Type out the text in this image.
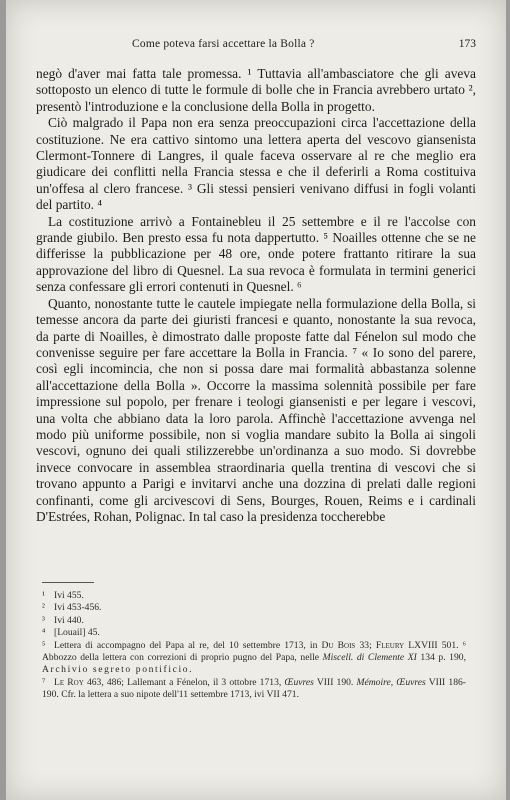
Come poteva farsi accettare la Bolla ?	173

negò d'aver mai fatta tale promessa. ¹ Tuttavia all'ambasciatore che gli aveva sottoposto un elenco di tutte le formule di bolle che in Francia avrebbero urtato ², presentò l'introduzione e la conclusione della Bolla in progetto.

Ciò malgrado il Papa non era senza preoccupazioni circa l'accettazione della costituzione. Ne era cattivo sintomo una lettera aperta del vescovo giansenista Clermont-Tonnere di Langres, il quale faceva osservare al re che meglio era giudicare dei conflitti nella Francia stessa e che il deferirli a Roma costituiva un'offesa al clero francese. ³ Gli stessi pensieri venivano diffusi in fogli volanti del partito. ⁴

La costituzione arrivò a Fontainebleu il 25 settembre e il re l'accolse con grande giubilo. Ben presto essa fu nota dappertutto. ⁵ Noailles ottenne che se ne differisse la pubblicazione per 48 ore, onde potere frattanto ritirare la sua approvazione del libro di Quesnel. La sua revoca è formulata in termini generici senza confessare gli errori contenuti in Quesnel. ⁶

Quanto, nonostante tutte le cautele impiegate nella formulazione della Bolla, si temesse ancora da parte dei giuristi francesi e quanto, nonostante la sua revoca, da parte di Noailles, è dimostrato dalle proposte fatte dal Fénelon sul modo che convenisse seguire per fare accettare la Bolla in Francia. ⁷ « Io sono del parere, così egli incomincia, che non si possa dare mai formalità abbastanza solenne all'accettazione della Bolla ». Occorre la massima solennità possibile per fare impressione sul popolo, per frenare i teologi giansenisti e per legare i vescovi, una volta che abbiano data la loro parola. Affinchè l'accettazione avvenga nel modo più uniforme possibile, non si voglia mandare subito la Bolla ai singoli vescovi, ognuno dei quali stilizzerebbe un'ordinanza a suo modo. Si dovrebbe invece convocare in assemblea straordinaria quella trentina di vescovi che si trovano appunto a Parigi e invitarvi anche una dozzina di prelati dalle regioni confinanti, come gli arcivescovi di Sens, Bourges, Rouen, Reims e i cardinali D'Estrées, Rohan, Polignac. In tal caso la presidenza toccherebbe

¹ Ivi 455.

² Ivi 453-456.

³ Ivi 440.

⁴ [Louail] 45.

⁵ Lettera di accompagno del Papa al re, del 10 settembre 1713, in Du Bois 33; Fleury LXVIII 501. ⁶ Abbozzo della lettera con correzioni di proprio pugno del Papa, nelle Miscell. di Clemente XI 134 p. 190, Archivio segreto pontificio.

⁷ Le Roy 463, 486; Lallemant a Fénelon, il 3 ottobre 1713, Œuvres VIII 190. Mémoire, Œuvres VIII 186-190. Cfr. la lettera a suo nipote dell'11 settembre 1713, ivi VII 471.
